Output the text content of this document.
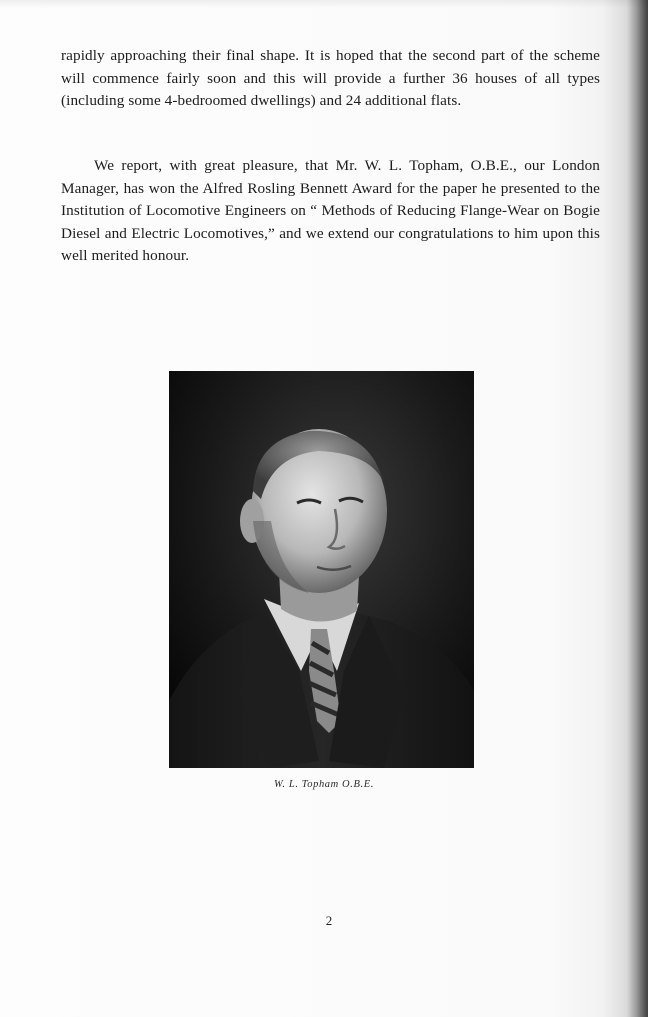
rapidly approaching their final shape. It is hoped that the second part of the scheme will commence fairly soon and this will provide a further 36 houses of all types (including some 4-bedroomed dwellings) and 24 additional flats.

We report, with great pleasure, that Mr. W. L. Topham, O.B.E., our London Manager, has won the Alfred Rosling Bennett Award for the paper he presented to the Institution of Locomotive Engineers on “ Methods of Reducing Flange-Wear on Bogie Diesel and Electric Locomotives,” and we extend our congratulations to him upon this well merited honour.

W. L. Topham O.B.E.
2
